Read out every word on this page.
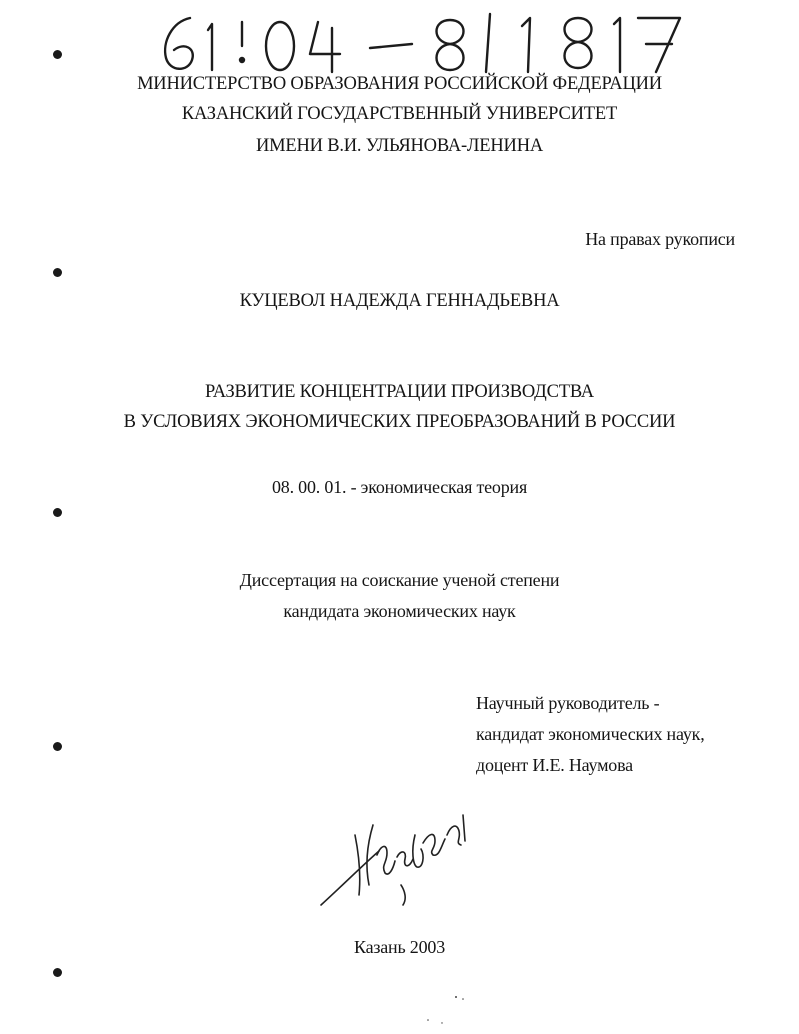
МИНИСТЕРСТВО ОБРАЗОВАНИЯ РОССИЙСКОЙ ФЕДЕРАЦИИ
КАЗАНСКИЙ ГОСУДАРСТВЕННЫЙ УНИВЕРСИТЕТ
ИМЕНИ В.И. УЛЬЯНОВА-ЛЕНИНА
На правах рукописи
КУЦЕВОЛ НАДЕЖДА ГЕННАДЬЕВНА
РАЗВИТИЕ КОНЦЕНТРАЦИИ ПРОИЗВОДСТВА
В УСЛОВИЯХ ЭКОНОМИЧЕСКИХ ПРЕОБРАЗОВАНИЙ В РОССИИ
08. 00. 01. - экономическая теория
Диссертация на соискание ученой степени
кандидата экономических наук
Научный руководитель -
кандидат экономических наук,
доцент И.Е. Наумова
Казань 2003
